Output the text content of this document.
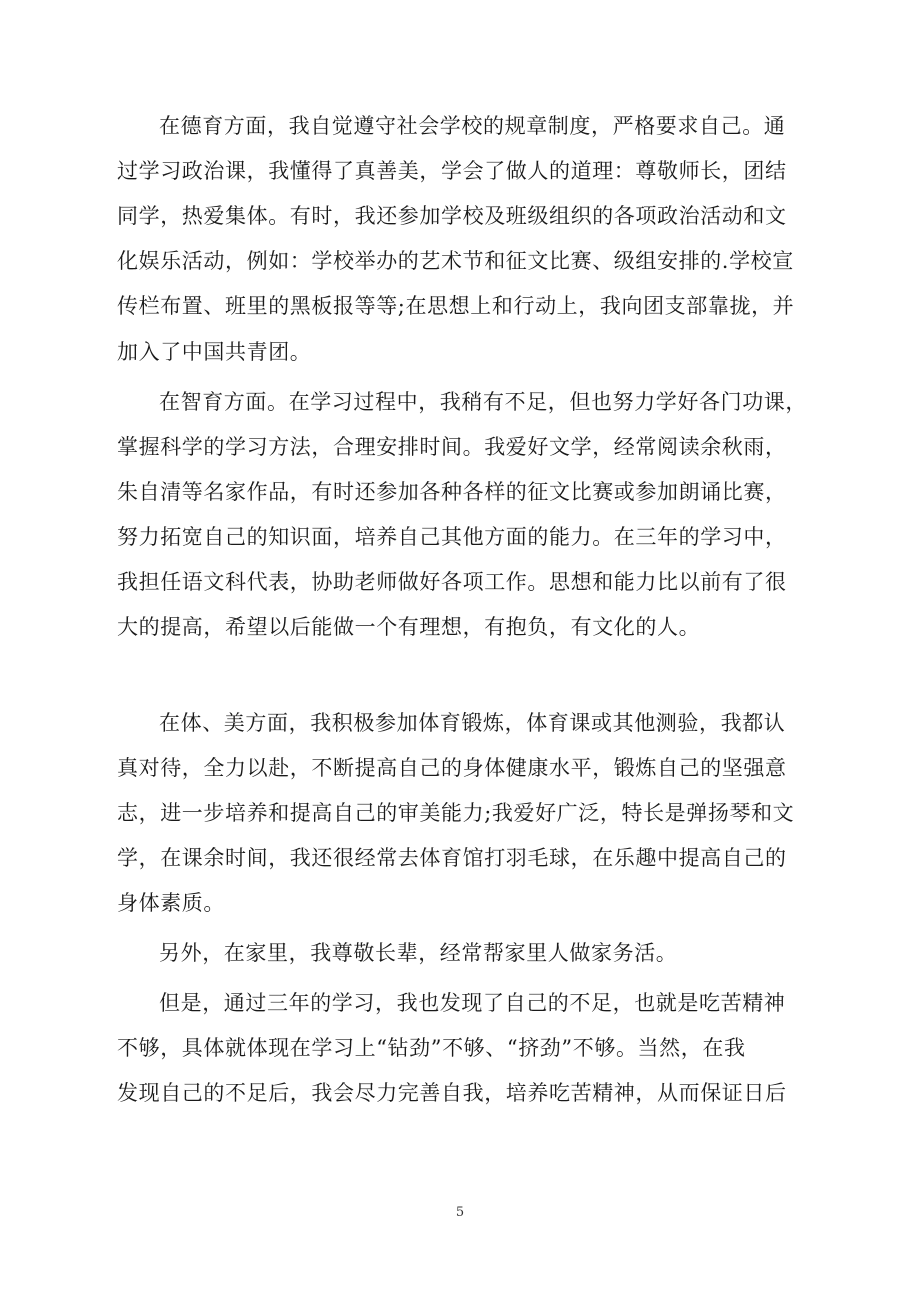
在德育方面，我自觉遵守社会学校的规章制度，严格要求自己。通
过学习政治课，我懂得了真善美，学会了做人的道理：尊敬师长，团结
同学，热爱集体。有时，我还参加学校及班级组织的各项政治活动和文
化娱乐活动，例如：学校举办的艺术节和征文比赛、级组安排的.学校宣
传栏布置、班里的黑板报等等;在思想上和行动上，我向团支部靠拢，并
加入了中国共青团。
在智育方面。在学习过程中，我稍有不足，但也努力学好各门功课，
掌握科学的学习方法，合理安排时间。我爱好文学，经常阅读余秋雨，
朱自清等名家作品，有时还参加各种各样的征文比赛或参加朗诵比赛，
努力拓宽自己的知识面，培养自己其他方面的能力。在三年的学习中，
我担任语文科代表，协助老师做好各项工作。思想和能力比以前有了很
大的提高，希望以后能做一个有理想，有抱负，有文化的人。
在体、美方面，我积极参加体育锻炼，体育课或其他测验，我都认
真对待，全力以赴，不断提高自己的身体健康水平，锻炼自己的坚强意
志，进一步培养和提高自己的审美能力;我爱好广泛，特长是弹扬琴和文
学，在课余时间，我还很经常去体育馆打羽毛球，在乐趣中提高自己的
身体素质。
另外，在家里，我尊敬长辈，经常帮家里人做家务活。
但是，通过三年的学习，我也发现了自己的不足，也就是吃苦精神
不够，具体就体现在学习上“钻劲”不够、“挤劲”不够。当然，在我
发现自己的不足后，我会尽力完善自我，培养吃苦精神，从而保证日后
5
